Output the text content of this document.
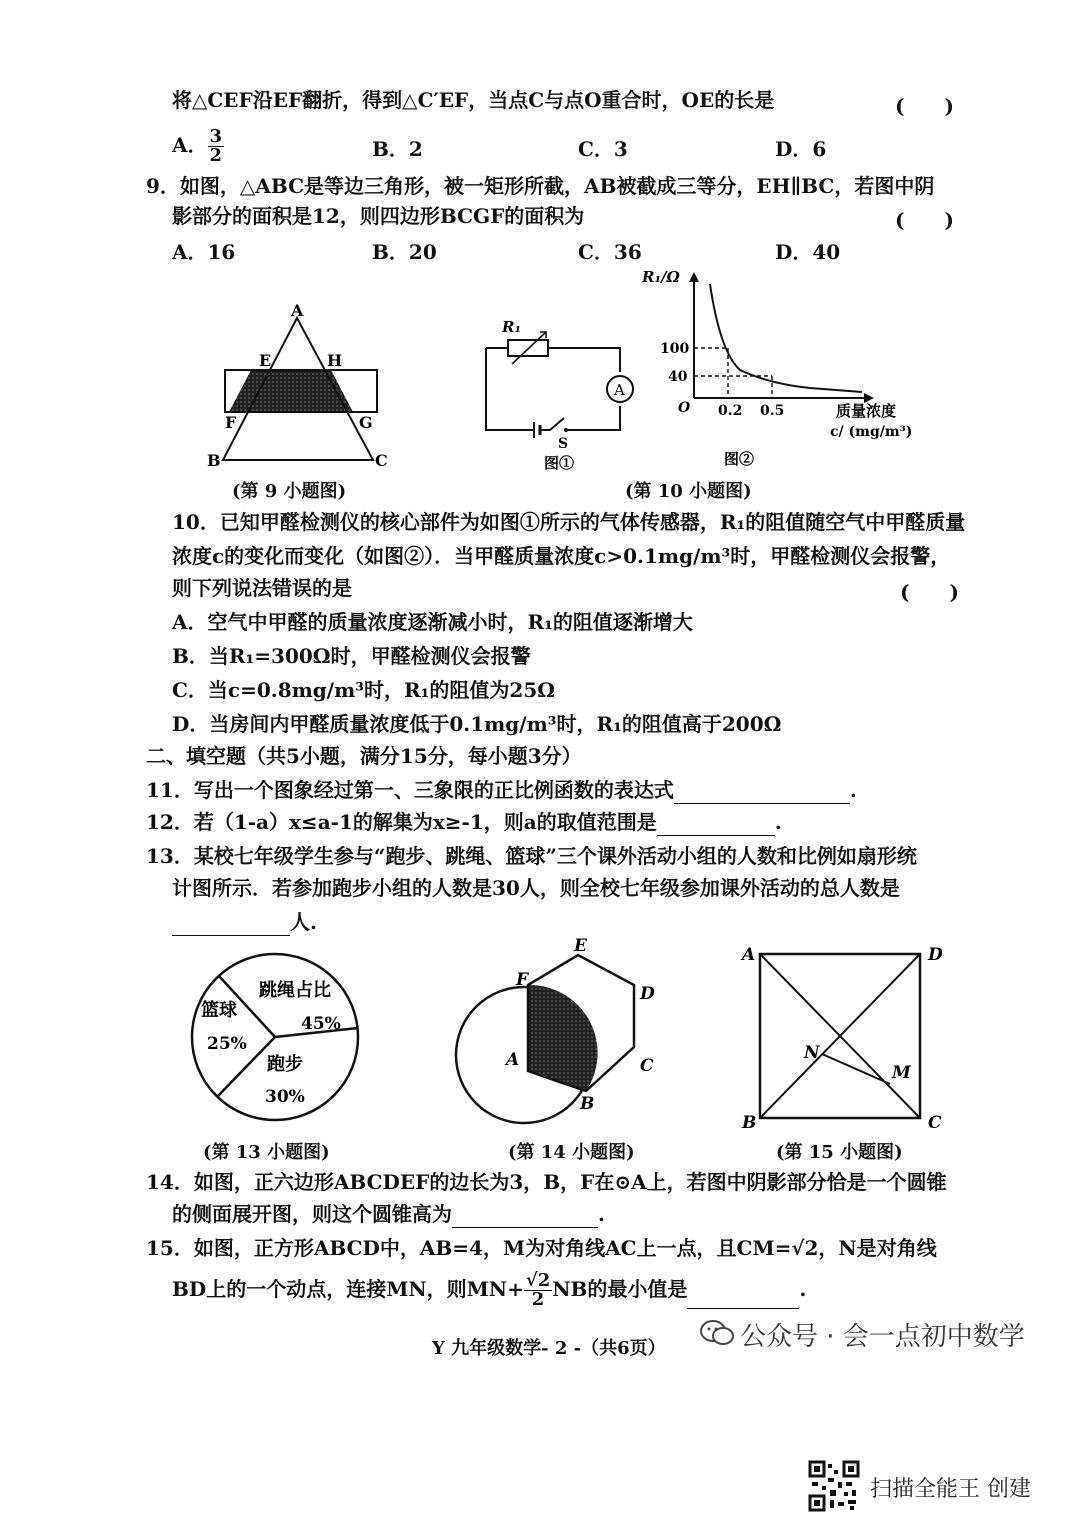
将△CEF沿EF翻折，得到△C′EF，当点C与点O重合时，OE的长是	(　　)
A． $\frac{3}{2}$	B．2	C．3	D．6
9．如图，△ABC是等边三角形，被一矩形所截，AB被截成三等分，EH∥BC，若图中阴
影部分的面积是12，则四边形BCGF的面积为	(　　)
A．16	B．20	C．36	D．40
A
E	H
F	G
B	C
(第 9 小题图)
R₁
A
S
图①
R₁/Ω
100
40
O 0.2 0.5	质量浓度
c/ (mg/m³)
图②
(第 10 小题图)
10．已知甲醛检测仪的核心部件为如图①所示的气体传感器，R₁的阻值随空气中甲醛质量
浓度c的变化而变化（如图②）．当甲醛质量浓度c>0.1mg/m³时，甲醛检测仪会报警，
则下列说法错误的是	(　　)
A．空气中甲醛的质量浓度逐渐减小时，R₁的阻值逐渐增大
B．当R₁=300Ω时，甲醛检测仪会报警
C．当c=0.8mg/m³时，R₁的阻值为25Ω
D．当房间内甲醛质量浓度低于0.1mg/m³时，R₁的阻值高于200Ω
二、填空题（共5小题，满分15分，每小题3分）
11．写出一个图象经过第一、三象限的正比例函数的表达式	.
12．若（1-a）x≤a-1的解集为x≥-1，则a的取值范围是	.
13．某校七年级学生参与“跑步、跳绳、篮球”三个课外活动小组的人数和比例如扇形统
计图所示．若参加跑步小组的人数是30人，则全校七年级参加课外活动的总人数是
人.
篮球
25%
跳绳占比
45%
跑步
30%
(第 13 小题图)
E
F
D
A	C
B
(第 14 小题图)
A	D
N
M
B	C
(第 15 小题图)
14．如图，正六边形ABCDEF的边长为3，B，F在⊙A上，若图中阴影部分恰是一个圆锥
的侧面展开图，则这个圆锥高为	.
15．如图，正方形ABCD中，AB=4，M为对角线AC上一点，且CM=√2，N是对角线
BD上的一个动点，连接MN，则$MN+ \frac{√2}{2}$ NB的最小值是	.
Y 九年级数学- 2 -（共6页）	公众号 · 会一点初中数学
扫描全能王 创建
